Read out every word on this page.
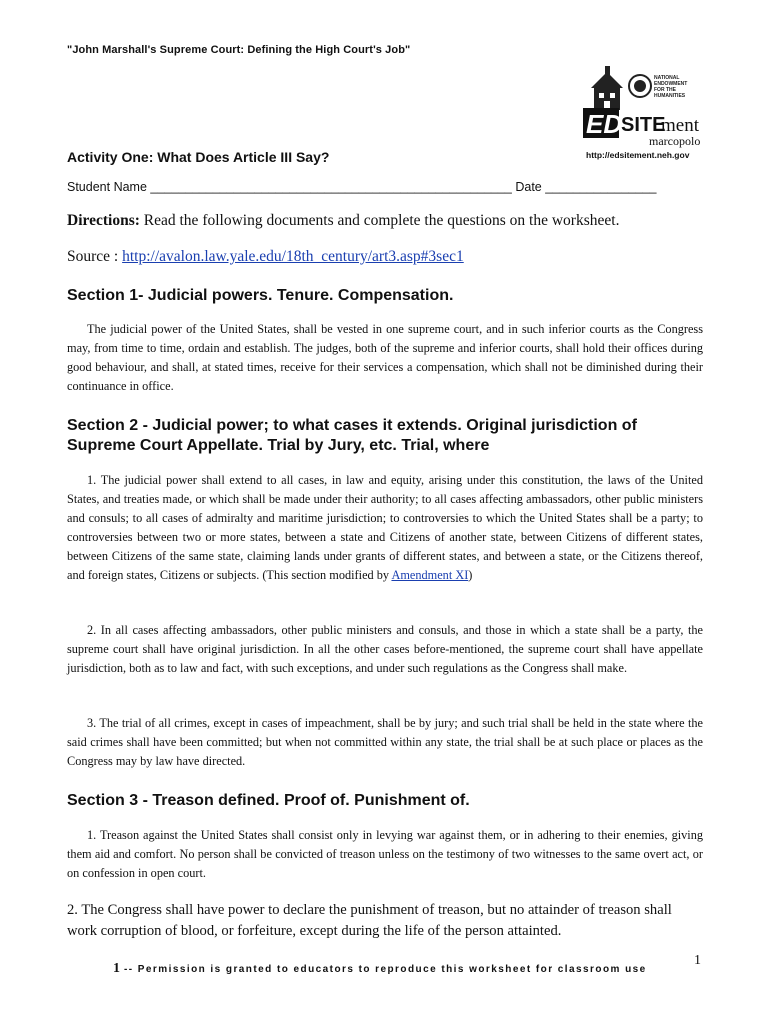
"John Marshall's Supreme Court: Defining the High Court's Job"
NATIONAL
ENDOWMENT
FOR THE
HUMANITIES
ED
SITE
ment
marcopolo
http://edsitement.neh.gov
Activity One: What Does Article III Say?
Student Name ____________________________________________________ Date ________________
Directions: Read the following documents and complete the questions on the worksheet.
Source : http://avalon.law.yale.edu/18th_century/art3.asp#3sec1
Section 1- Judicial powers. Tenure. Compensation.
The judicial power of the United States, shall be vested in one supreme court, and in such inferior courts as the Congress may, from time to time, ordain and establish. The judges, both of the supreme and inferior courts, shall hold their offices during good behaviour, and shall, at stated times, receive for their services a compensation, which shall not be diminished during their continuance in office.
Section 2 - Judicial power; to what cases it extends. Original jurisdiction of Supreme Court Appellate. Trial by Jury, etc. Trial, where
1. The judicial power shall extend to all cases, in law and equity, arising under this constitution, the laws of the United States, and treaties made, or which shall be made under their authority; to all cases affecting ambassadors, other public ministers and consuls; to all cases of admiralty and maritime jurisdiction; to controversies to which the United States shall be a party; to controversies between two or more states, between a state and Citizens of another state, between Citizens of different states, between Citizens of the same state, claiming lands under grants of different states, and between a state, or the Citizens thereof, and foreign states, Citizens or subjects. (This section modified by Amendment XI)
2. In all cases affecting ambassadors, other public ministers and consuls, and those in which a state shall be a party, the supreme court shall have original jurisdiction. In all the other cases before-mentioned, the supreme court shall have appellate jurisdiction, both as to law and fact, with such exceptions, and under such regulations as the Congress shall make.
3. The trial of all crimes, except in cases of impeachment, shall be by jury; and such trial shall be held in the state where the said crimes shall have been committed; but when not committed within any state, the trial shall be at such place or places as the Congress may by law have directed.
Section 3 - Treason defined. Proof of. Punishment of.
1. Treason against the United States shall consist only in levying war against them, or in adhering to their enemies, giving them aid and comfort. No person shall be convicted of treason unless on the testimony of two witnesses to the same overt act, or on confession in open court.
2. The Congress shall have power to declare the punishment of treason, but no attainder of treason shall work corruption of blood, or forfeiture, except during the life of the person attainted.
1 -- Permission is granted to educators to reproduce this worksheet for classroom use
1
